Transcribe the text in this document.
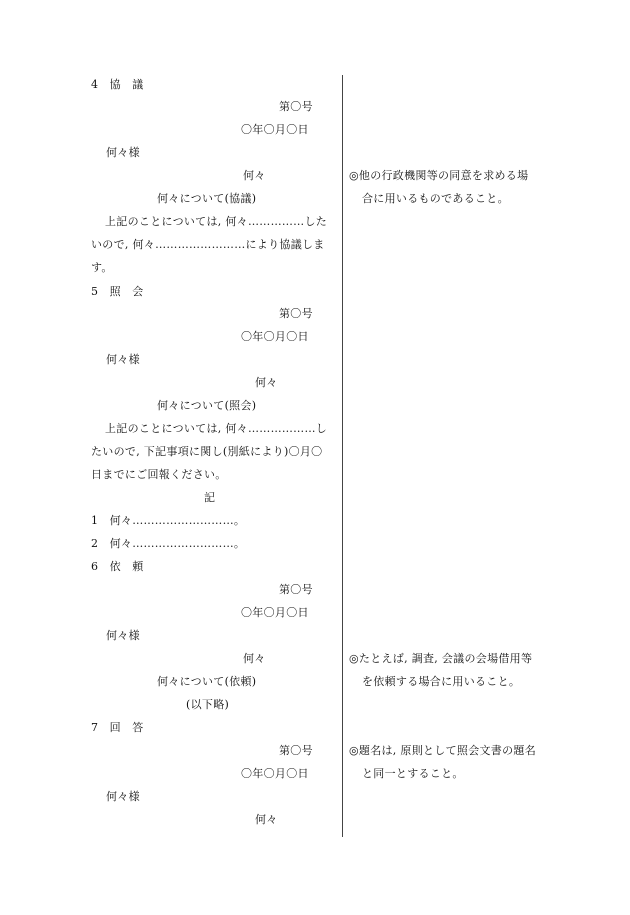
4　協　議
第〇号
〇年〇月〇日
何々様
何々
何々について(協議)
上記のことについては, 何々……………した
いので, 何々……………………により協議しま
す。
◎他の行政機関等の同意を求める場
合に用いるものであること。
5　照　会
第〇号
〇年〇月〇日
何々様
何々
何々について(照会)
上記のことについては, 何々………………し
たいので, 下記事項に関し(別紙により)〇月〇
日までにご回報ください。
記
1　何々………………………。
2　何々………………………。
6　依　頼
第〇号
〇年〇月〇日
何々様
何々
何々について(依頼)
(以下略)
◎たとえば, 調査, 会議の会場借用等
を依頼する場合に用いること。
7　回　答
第〇号
〇年〇月〇日
何々様
何々
◎題名は, 原則として照会文書の題名
と同一とすること。
